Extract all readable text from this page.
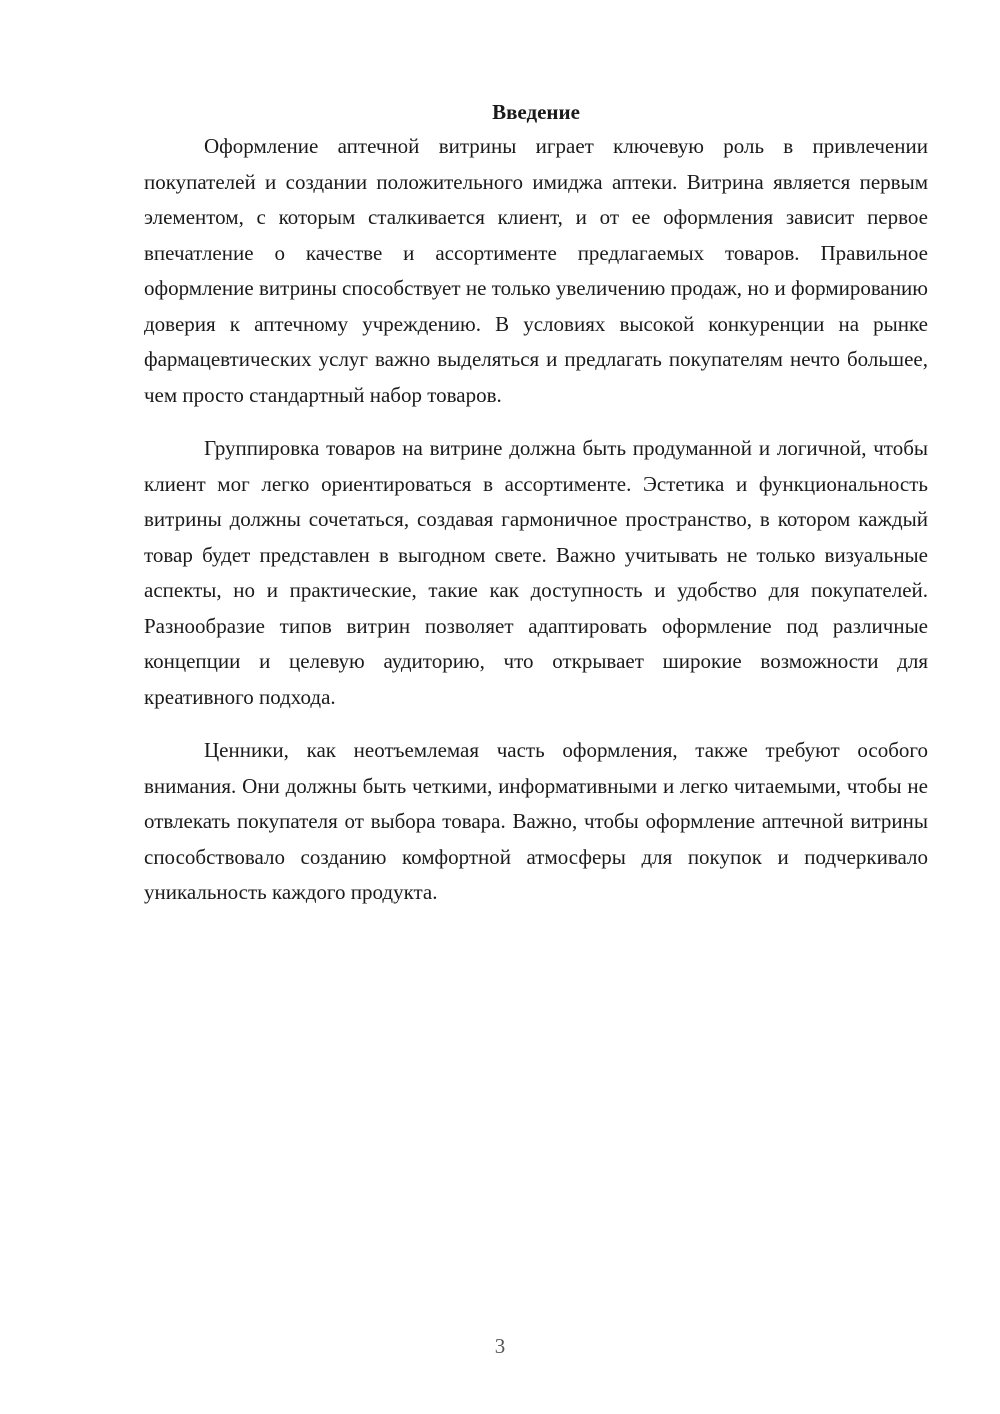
Введение

Оформление аптечной витрины играет ключевую роль в привлечении покупателей и создании положительного имиджа аптеки. Витрина является первым элементом, с которым сталкивается клиент, и от ее оформления зависит первое впечатление о качестве и ассортименте предлагаемых товаров. Правильное оформление витрины способствует не только увеличению продаж, но и формированию доверия к аптечному учреждению. В условиях высокой конкуренции на рынке фармацевтических услуг важно выделяться и предлагать покупателям нечто большее, чем просто стандартный набор товаров.

Группировка товаров на витрине должна быть продуманной и логичной, чтобы клиент мог легко ориентироваться в ассортименте. Эстетика и функциональность витрины должны сочетаться, создавая гармоничное пространство, в котором каждый товар будет представлен в выгодном свете. Важно учитывать не только визуальные аспекты, но и практические, такие как доступность и удобство для покупателей. Разнообразие типов витрин позволяет адаптировать оформление под различные концепции и целевую аудиторию, что открывает широкие возможности для креативного подхода.

Ценники, как неотъемлемая часть оформления, также требуют особого внимания. Они должны быть четкими, информативными и легко читаемыми, чтобы не отвлекать покупателя от выбора товара. Важно, чтобы оформление аптечной витрины способствовало созданию комфортной атмосферы для покупок и подчеркивало уникальность каждого продукта.

3
